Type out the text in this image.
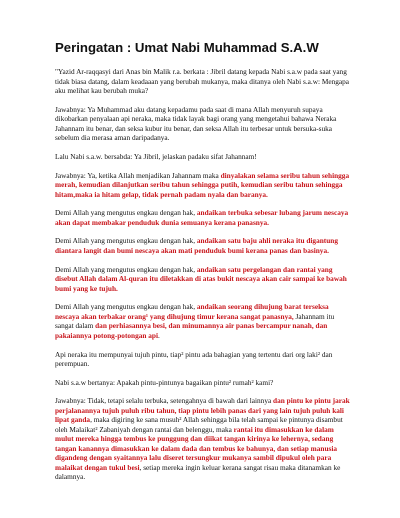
Peringatan : Umat Nabi Muhammad S.A.W

"Yazid Ar-raqqasyi dari Anas bin Malik r.a. berkata : Jibril datang kepada Nabi s.a.w pada saat yang tidak biasa datang, dalam keadaaan yang berubah mukanya, maka ditanya oleh Nabi s.a.w: Mengapa aku melihat kau berubah muka?

Jawabnya: Ya Muhammad aku datang kepadamu pada saat di mana Allah menyuruh supaya dikobarkan penyalaan api neraka, maka tidak layak bagi orang yang mengetahui bahawa Neraka Jahannam itu benar, dan seksa kubur itu benar, dan seksa Allah itu terbesar untuk bersuka-suka sebelum dia merasa aman daripadanya.

Lalu Nabi s.a.w. bersabda: Ya Jibril, jelaskan padaku sifat Jahannam!

Jawabnya: Ya, ketika Allah menjadikan Jahannam maka dinyalakan selama seribu tahun sehingga merah, kemudian dilanjutkan seribu tahun sehingga putih, kemudian seribu tahun sehingga hitam,maka ia hitam gelap, tidak pernah padam nyala dan baranya.

Demi Allah yang mengutus engkau dengan hak, andaikan terbuka sebesar lubang jarum nescaya akan dapat membakar penduduk dunia semuanya kerana panasnya.

Demi Allah yang mengutus engkau dengan hak, andaikan satu baju ahli neraka itu digantung diantara langit dan bumi nescaya akan mati penduduk bumi kerana panas dan basinya.

Demi Allah yang mengutus engkau dengan hak, andaikan satu pergelangan dan rantai yang disebut Allah dalam Al-quran itu diletakkan di atas bukit nescaya akan cair sampai ke bawah bumi yang ke tujuh.

Demi Allah yang mengutus engkau dengan hak, andaikan seorang dihujung barat terseksa nescaya akan terbakar orang¹ yang dihujung timur kerana sangat panasnya, Jahannam itu sangat dalam dan perhiasannya besi, dan minumannya air panas bercampur nanah, dan pakaiannya potong-potongan api.

Api neraka itu mempunyai tujuh pintu, tiap² pintu ada bahagian yang tertentu dari org laki² dan perempuan.

Nabi s.a.w bertanya: Apakah pintu-pintunya bagaikan pintu² rumah² kami?

Jawabnya: Tidak, tetapi selalu terbuka, setengahnya di bawah dari lainnya dan pintu ke pintu jarak perjalanannya tujuh puluh ribu tahun, tiap pintu lebih panas dari yang lain tujuh puluh kali lipat ganda, maka digiring ke sana musuh² Allah sehingga bila telah sampai ke pintunya disambut oleh Malaikat² Zabaniyah dengan rantai dan belenggu, maka rantai itu dimasukkan ke dalam mulut mereka hingga tembus ke punggung dan diikat tangan kirinya ke lehernya, sedang tangan kanannya dimasukkan ke dalam dada dan tembus ke bahunya, dan setiap manusia digandeng dengan syaitannya lalu diseret tersungkur mukanya sambil dipukul oleh para malaikat dengan tukul besi, setiap mereka ingin keluar kerana sangat risau maka ditanamkan ke dalamnya.
